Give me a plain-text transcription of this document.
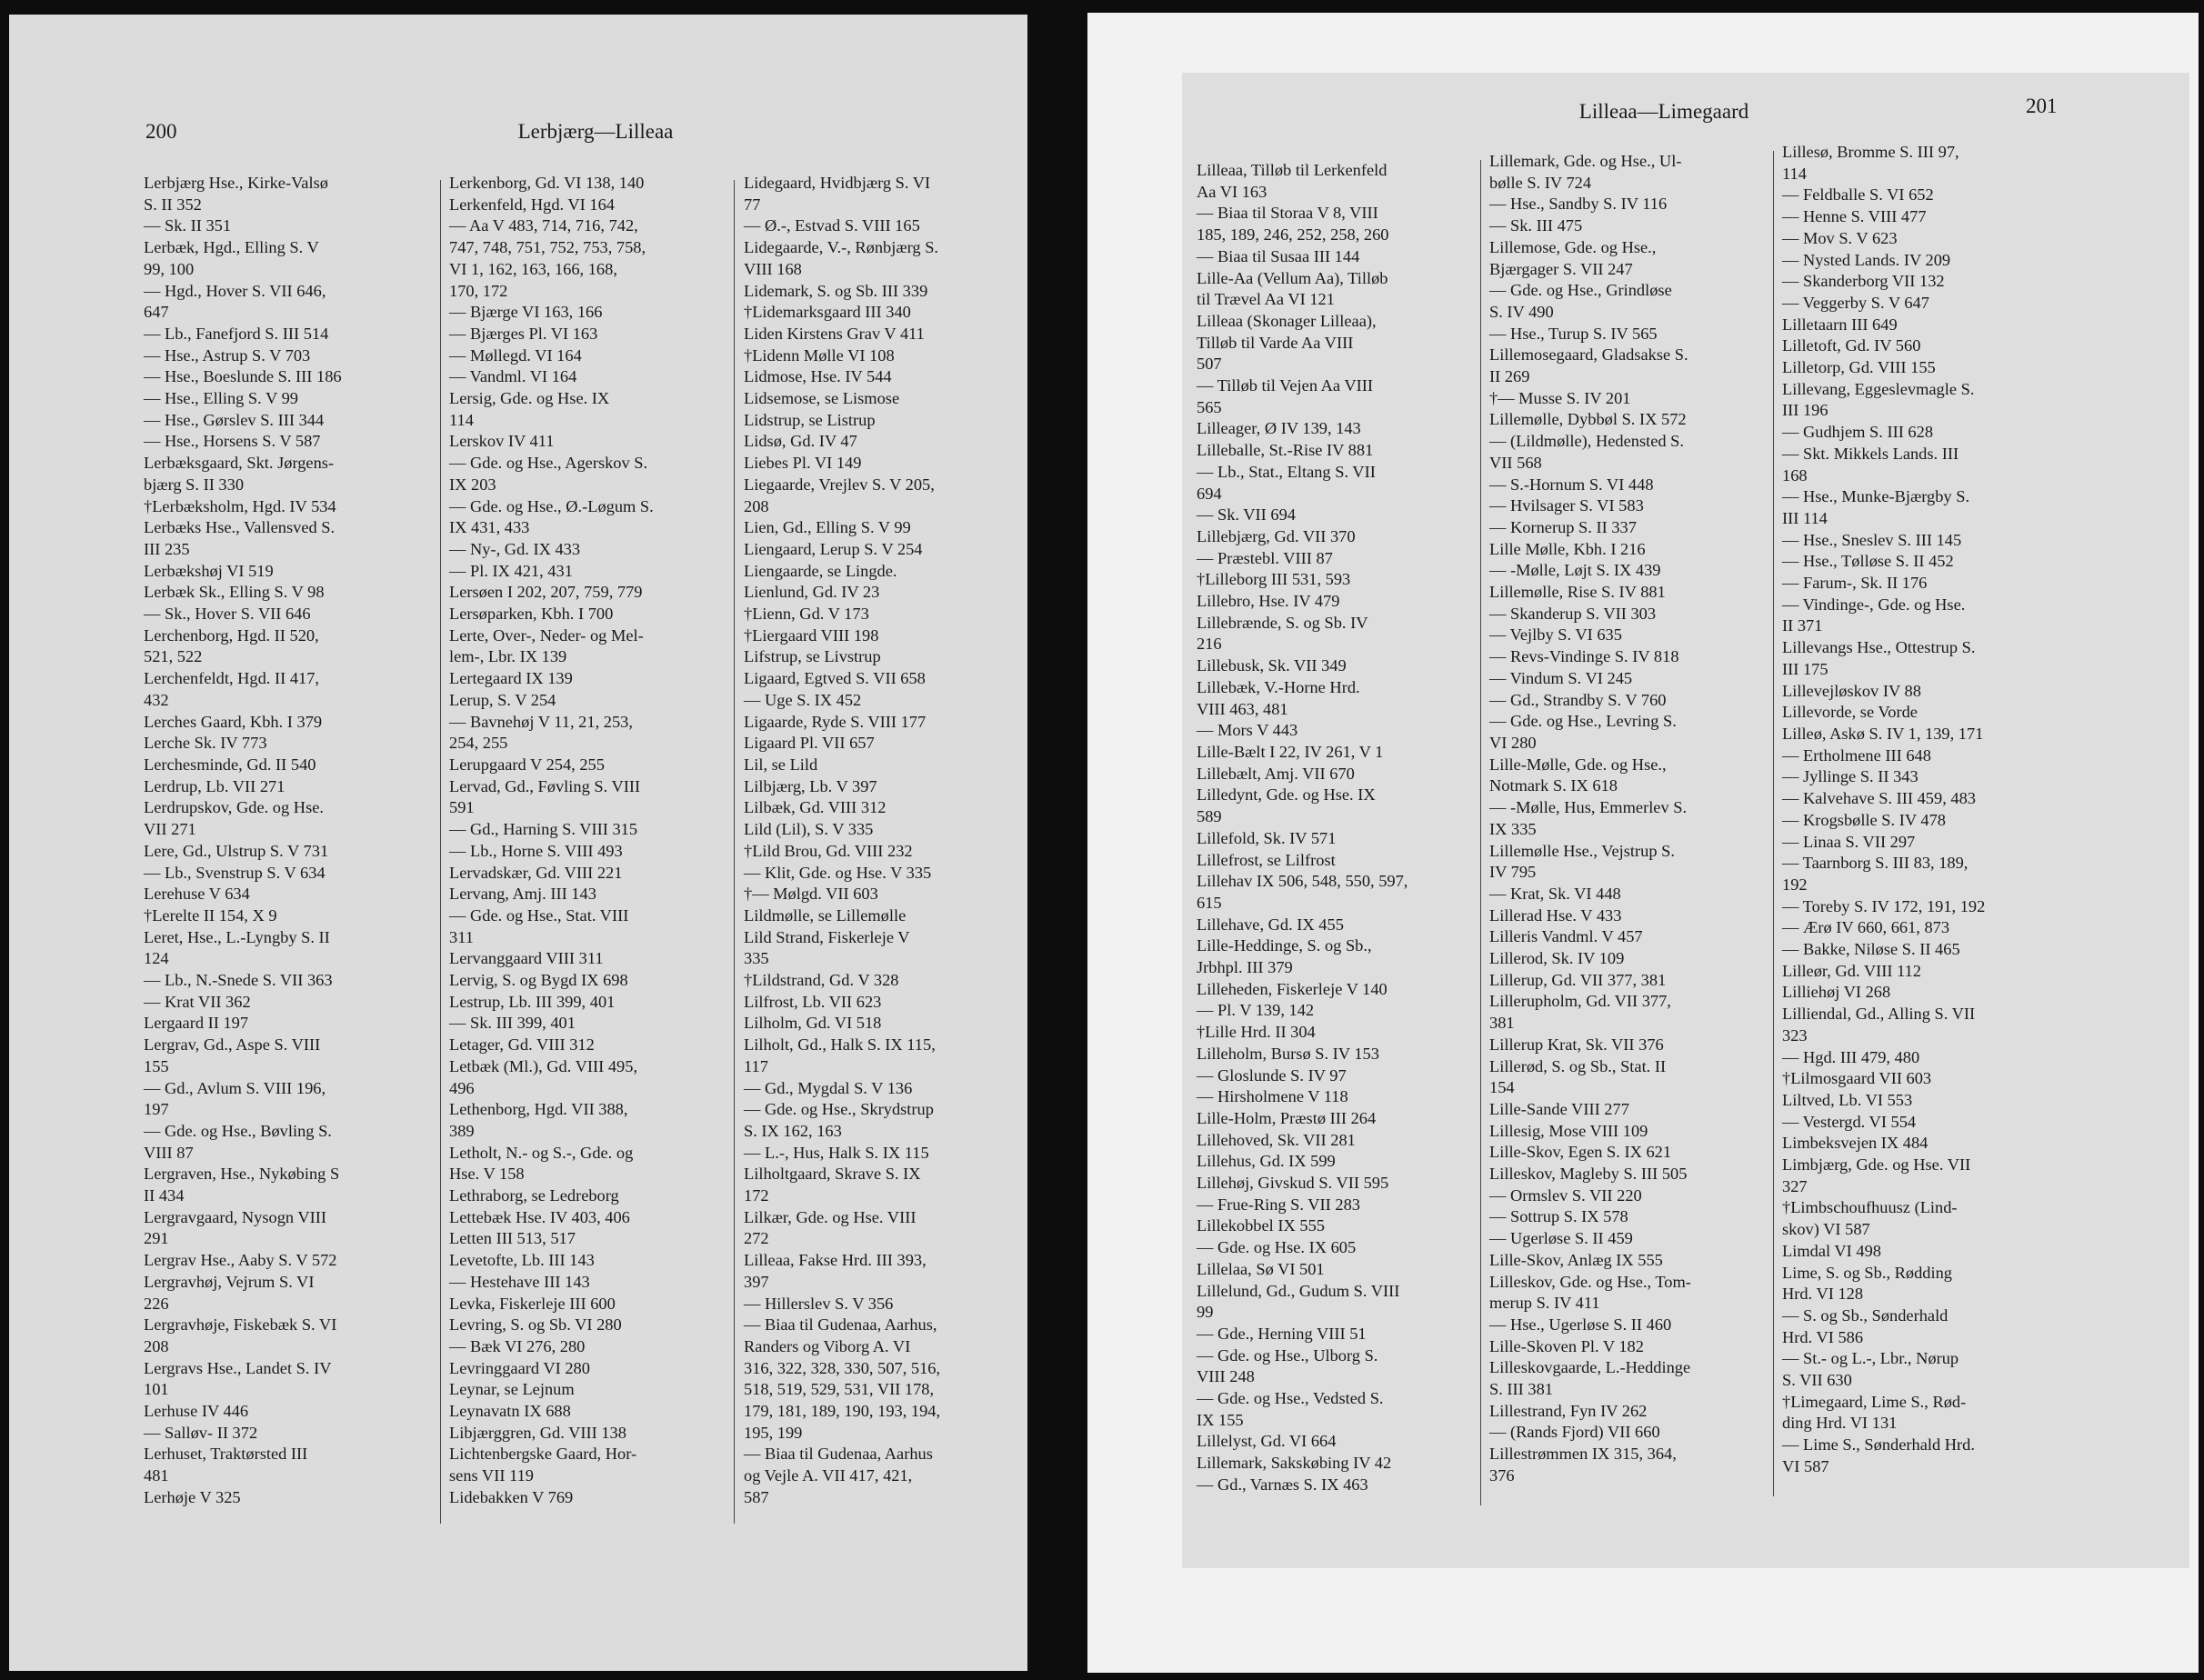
200	Lerbjærg—Lilleaa
Lerbjærg Hse., Kirke-Valsø
S. II 352
— Sk. II 351
Lerbæk, Hgd., Elling S. V
99, 100
— Hgd., Hover S. VII 646,
647
— Lb., Fanefjord S. III 514
— Hse., Astrup S. V 703
— Hse., Boeslunde S. III 186
— Hse., Elling S. V 99
— Hse., Gørslev S. III 344
— Hse., Horsens S. V 587
Lerbæksgaard, Skt. Jørgens-
bjærg S. II 330
†Lerbæksholm, Hgd. IV 534
Lerbæks Hse., Vallensved S.
III 235
Lerbækshøj VI 519
Lerbæk Sk., Elling S. V 98
— Sk., Hover S. VII 646
Lerchenborg, Hgd. II 520,
521, 522
Lerchenfeldt, Hgd. II 417,
432
Lerches Gaard, Kbh. I 379
Lerche Sk. IV 773
Lerchesminde, Gd. II 540
Lerdrup, Lb. VII 271
Lerdrupskov, Gde. og Hse.
VII 271
Lere, Gd., Ulstrup S. V 731
— Lb., Svenstrup S. V 634
Lerehuse V 634
†Lerelte II 154, X 9
Leret, Hse., L.-Lyngby S. II
124
— Lb., N.-Snede S. VII 363
— Krat VII 362
Lergaard II 197
Lergrav, Gd., Aspe S. VIII
155
— Gd., Avlum S. VIII 196,
197
— Gde. og Hse., Bøvling S.
VIII 87
Lergraven, Hse., Nykøbing S
II 434
Lergravgaard, Nysogn VIII
291
Lergrav Hse., Aaby S. V 572
Lergravhøj, Vejrum S. VI
226
Lergravhøje, Fiskebæk S. VI
208
Lergravs Hse., Landet S. IV
101
Lerhuse IV 446
— Salløv- II 372
Lerhuset, Traktørsted III
481
Lerhøje V 325
Lerkenborg, Gd. VI 138, 140
Lerkenfeld, Hgd. VI 164
— Aa V 483, 714, 716, 742,
747, 748, 751, 752, 753, 758,
VI 1, 162, 163, 166, 168,
170, 172
— Bjærge VI 163, 166
— Bjærges Pl. VI 163
— Møllegd. VI 164
— Vandml. VI 164
Lersig, Gde. og Hse. IX
114
Lerskov IV 411
— Gde. og Hse., Agerskov S.
IX 203
— Gde. og Hse., Ø.-Løgum S.
IX 431, 433
— Ny-, Gd. IX 433
— Pl. IX 421, 431
Lersøen I 202, 207, 759, 779
Lersøparken, Kbh. I 700
Lerte, Over-, Neder- og Mel-
lem-, Lbr. IX 139
Lertegaard IX 139
Lerup, S. V 254
— Bavnehøj V 11, 21, 253,
254, 255
Lerupgaard V 254, 255
Lervad, Gd., Føvling S. VIII
591
— Gd., Harning S. VIII 315
— Lb., Horne S. VIII 493
Lervadskær, Gd. VIII 221
Lervang, Amj. III 143
— Gde. og Hse., Stat. VIII
311
Lervanggaard VIII 311
Lervig, S. og Bygd IX 698
Lestrup, Lb. III 399, 401
— Sk. III 399, 401
Letager, Gd. VIII 312
Letbæk (Ml.), Gd. VIII 495,
496
Lethenborg, Hgd. VII 388,
389
Letholt, N.- og S.-, Gde. og
Hse. V 158
Lethraborg, se Ledreborg
Lettebæk Hse. IV 403, 406
Letten III 513, 517
Levetofte, Lb. III 143
— Hestehave III 143
Levka, Fiskerleje III 600
Levring, S. og Sb. VI 280
— Bæk VI 276, 280
Levringgaard VI 280
Leynar, se Lejnum
Leynavatn IX 688
Libjærggren, Gd. VIII 138
Lichtenbergske Gaard, Hor-
sens VII 119
Lidebakken V 769
Lidegaard, Hvidbjærg S. VI
77
— Ø.-, Estvad S. VIII 165
Lidegaarde, V.-, Rønbjærg S.
VIII 168
Lidemark, S. og Sb. III 339
†Lidemarksgaard III 340
Liden Kirstens Grav V 411
†Lidenn Mølle VI 108
Lidmose, Hse. IV 544
Lidsemose, se Lismose
Lidstrup, se Listrup
Lidsø, Gd. IV 47
Liebes Pl. VI 149
Liegaarde, Vrejlev S. V 205,
208
Lien, Gd., Elling S. V 99
Liengaard, Lerup S. V 254
Liengaarde, se Lingde.
Lienlund, Gd. IV 23
†Lienn, Gd. V 173
†Liergaard VIII 198
Lifstrup, se Livstrup
Ligaard, Egtved S. VII 658
— Uge S. IX 452
Ligaarde, Ryde S. VIII 177
Ligaard Pl. VII 657
Lil, se Lild
Lilbjærg, Lb. V 397
Lilbæk, Gd. VIII 312
Lild (Lil), S. V 335
†Lild Brou, Gd. VIII 232
— Klit, Gde. og Hse. V 335
†— Mølgd. VII 603
Lildmølle, se Lillemølle
Lild Strand, Fiskerleje V
335
†Lildstrand, Gd. V 328
Lilfrost, Lb. VII 623
Lilholm, Gd. VI 518
Lilholt, Gd., Halk S. IX 115,
117
— Gd., Mygdal S. V 136
— Gde. og Hse., Skrydstrup
S. IX 162, 163
— L.-, Hus, Halk S. IX 115
Lilholtgaard, Skrave S. IX
172
Lilkær, Gde. og Hse. VIII
272
Lilleaa, Fakse Hrd. III 393,
397
— Hillerslev S. V 356
— Biaa til Gudenaa, Aarhus,
Randers og Viborg A. VI
316, 322, 328, 330, 507, 516,
518, 519, 529, 531, VII 178,
179, 181, 189, 190, 193, 194,
195, 199
— Biaa til Gudenaa, Aarhus
og Vejle A. VII 417, 421,
587
Lilleaa—Limegaard	201
Lilleaa, Tilløb til Lerkenfeld
Aa VI 163
— Biaa til Storaa V 8, VIII
185, 189, 246, 252, 258, 260
— Biaa til Susaa III 144
Lille-Aa (Vellum Aa), Tilløb
til Trævel Aa VI 121
Lilleaa (Skonager Lilleaa),
Tilløb til Varde Aa VIII
507
— Tilløb til Vejen Aa VIII
565
Lilleager, Ø IV 139, 143
Lilleballe, St.-Rise IV 881
— Lb., Stat., Eltang S. VII
694
— Sk. VII 694
Lillebjærg, Gd. VII 370
— Præstebl. VIII 87
†Lilleborg III 531, 593
Lillebro, Hse. IV 479
Lillebrænde, S. og Sb. IV
216
Lillebusk, Sk. VII 349
Lillebæk, V.-Horne Hrd.
VIII 463, 481
— Mors V 443
Lille-Bælt I 22, IV 261, V 1
Lillebælt, Amj. VII 670
Lilledynt, Gde. og Hse. IX
589
Lillefold, Sk. IV 571
Lillefrost, se Lilfrost
Lillehav IX 506, 548, 550, 597,
615
Lillehave, Gd. IX 455
Lille-Heddinge, S. og Sb.,
Jrbhpl. III 379
Lilleheden, Fiskerleje V 140
— Pl. V 139, 142
†Lille Hrd. II 304
Lilleholm, Bursø S. IV 153
— Gloslunde S. IV 97
— Hirsholmene V 118
Lille-Holm, Præstø III 264
Lillehoved, Sk. VII 281
Lillehus, Gd. IX 599
Lillehøj, Givskud S. VII 595
— Frue-Ring S. VII 283
Lillekobbel IX 555
— Gde. og Hse. IX 605
Lillelaa, Sø VI 501
Lillelund, Gd., Gudum S. VIII
99
— Gde., Herning VIII 51
— Gde. og Hse., Ulborg S.
VIII 248
— Gde. og Hse., Vedsted S.
IX 155
Lillelyst, Gd. VI 664
Lillemark, Sakskøbing IV 42
— Gd., Varnæs S. IX 463
Lillemark, Gde. og Hse., Ul-
bølle S. IV 724
— Hse., Sandby S. IV 116
— Sk. III 475
Lillemose, Gde. og Hse.,
Bjærgager S. VII 247
— Gde. og Hse., Grindløse
S. IV 490
— Hse., Turup S. IV 565
Lillemosegaard, Gladsakse S.
II 269
†— Musse S. IV 201
Lillemølle, Dybbøl S. IX 572
— (Lildmølle), Hedensted S.
VII 568
— S.-Hornum S. VI 448
— Hvilsager S. VI 583
— Kornerup S. II 337
Lille Mølle, Kbh. I 216
— -Mølle, Løjt S. IX 439
Lillemølle, Rise S. IV 881
— Skanderup S. VII 303
— Vejlby S. VI 635
— Revs-Vindinge S. IV 818
— Vindum S. VI 245
— Gd., Strandby S. V 760
— Gde. og Hse., Levring S.
VI 280
Lille-Mølle, Gde. og Hse.,
Notmark S. IX 618
— -Mølle, Hus, Emmerlev S.
IX 335
Lillemølle Hse., Vejstrup S.
IV 795
— Krat, Sk. VI 448
Lillerad Hse. V 433
Lilleris Vandml. V 457
Lillerod, Sk. IV 109
Lillerup, Gd. VII 377, 381
Lillerupholm, Gd. VII 377,
381
Lillerup Krat, Sk. VII 376
Lillerød, S. og Sb., Stat. II
154
Lille-Sande VIII 277
Lillesig, Mose VIII 109
Lille-Skov, Egen S. IX 621
Lilleskov, Magleby S. III 505
— Ormslev S. VII 220
— Sottrup S. IX 578
— Ugerløse S. II 459
Lille-Skov, Anlæg IX 555
Lilleskov, Gde. og Hse., Tom-
merup S. IV 411
— Hse., Ugerløse S. II 460
Lille-Skoven Pl. V 182
Lilleskovgaarde, L.-Heddinge
S. III 381
Lillestrand, Fyn IV 262
— (Rands Fjord) VII 660
Lillestrømmen IX 315, 364,
376
Lillesø, Bromme S. III 97,
114
— Feldballe S. VI 652
— Henne S. VIII 477
— Mov S. V 623
— Nysted Lands. IV 209
— Skanderborg VII 132
— Veggerby S. V 647
Lilletaarn III 649
Lilletoft, Gd. IV 560
Lilletorp, Gd. VIII 155
Lillevang, Eggeslevmagle S.
III 196
— Gudhjem S. III 628
— Skt. Mikkels Lands. III
168
— Hse., Munke-Bjærgby S.
III 114
— Hse., Sneslev S. III 145
— Hse., Tølløse S. II 452
— Farum-, Sk. II 176
— Vindinge-, Gde. og Hse.
II 371
Lillevangs Hse., Ottestrup S.
III 175
Lillevejløskov IV 88
Lillevorde, se Vorde
Lilleø, Askø S. IV 1, 139, 171
— Ertholmene III 648
— Jyllinge S. II 343
— Kalvehave S. III 459, 483
— Krogsbølle S. IV 478
— Linaa S. VII 297
— Taarnborg S. III 83, 189,
192
— Toreby S. IV 172, 191, 192
— Ærø IV 660, 661, 873
— Bakke, Niløse S. II 465
Lilleør, Gd. VIII 112
Lilliehøj VI 268
Lilliendal, Gd., Alling S. VII
323
— Hgd. III 479, 480
†Lilmosgaard VII 603
Liltved, Lb. VI 553
— Vestergd. VI 554
Limbeksvejen IX 484
Limbjærg, Gde. og Hse. VII
327
†Limbschoufhuusz (Lind-
skov) VI 587
Limdal VI 498
Lime, S. og Sb., Rødding
Hrd. VI 128
— S. og Sb., Sønderhald
Hrd. VI 586
— St.- og L.-, Lbr., Nørup
S. VII 630
†Limegaard, Lime S., Rød-
ding Hrd. VI 131
— Lime S., Sønderhald Hrd.
VI 587
